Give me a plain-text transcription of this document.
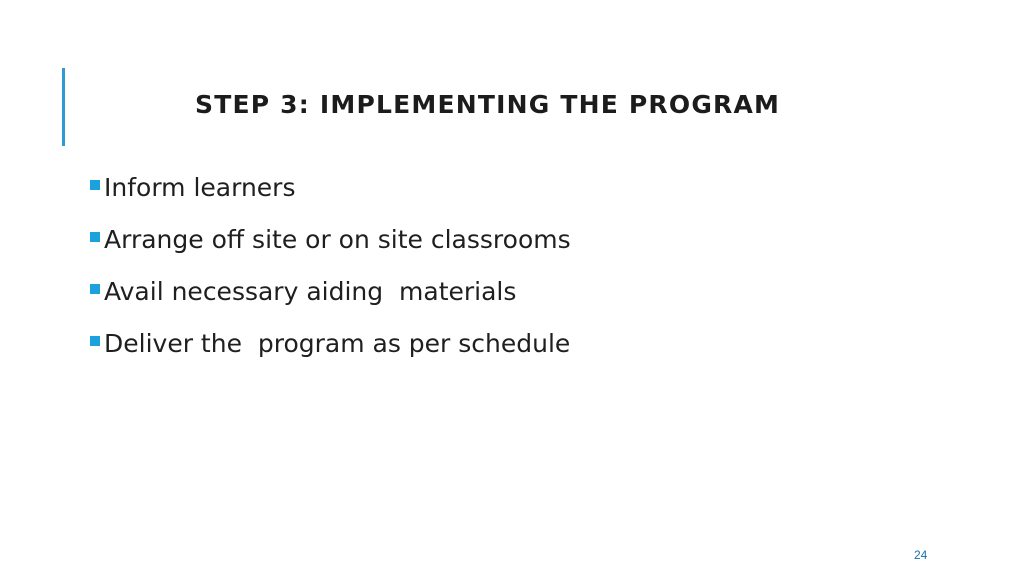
STEP 3: IMPLEMENTING THE PROGRAM
Inform learners
Arrange off site or on site classrooms
Avail necessary aiding  materials
Deliver the  program as per schedule
24
